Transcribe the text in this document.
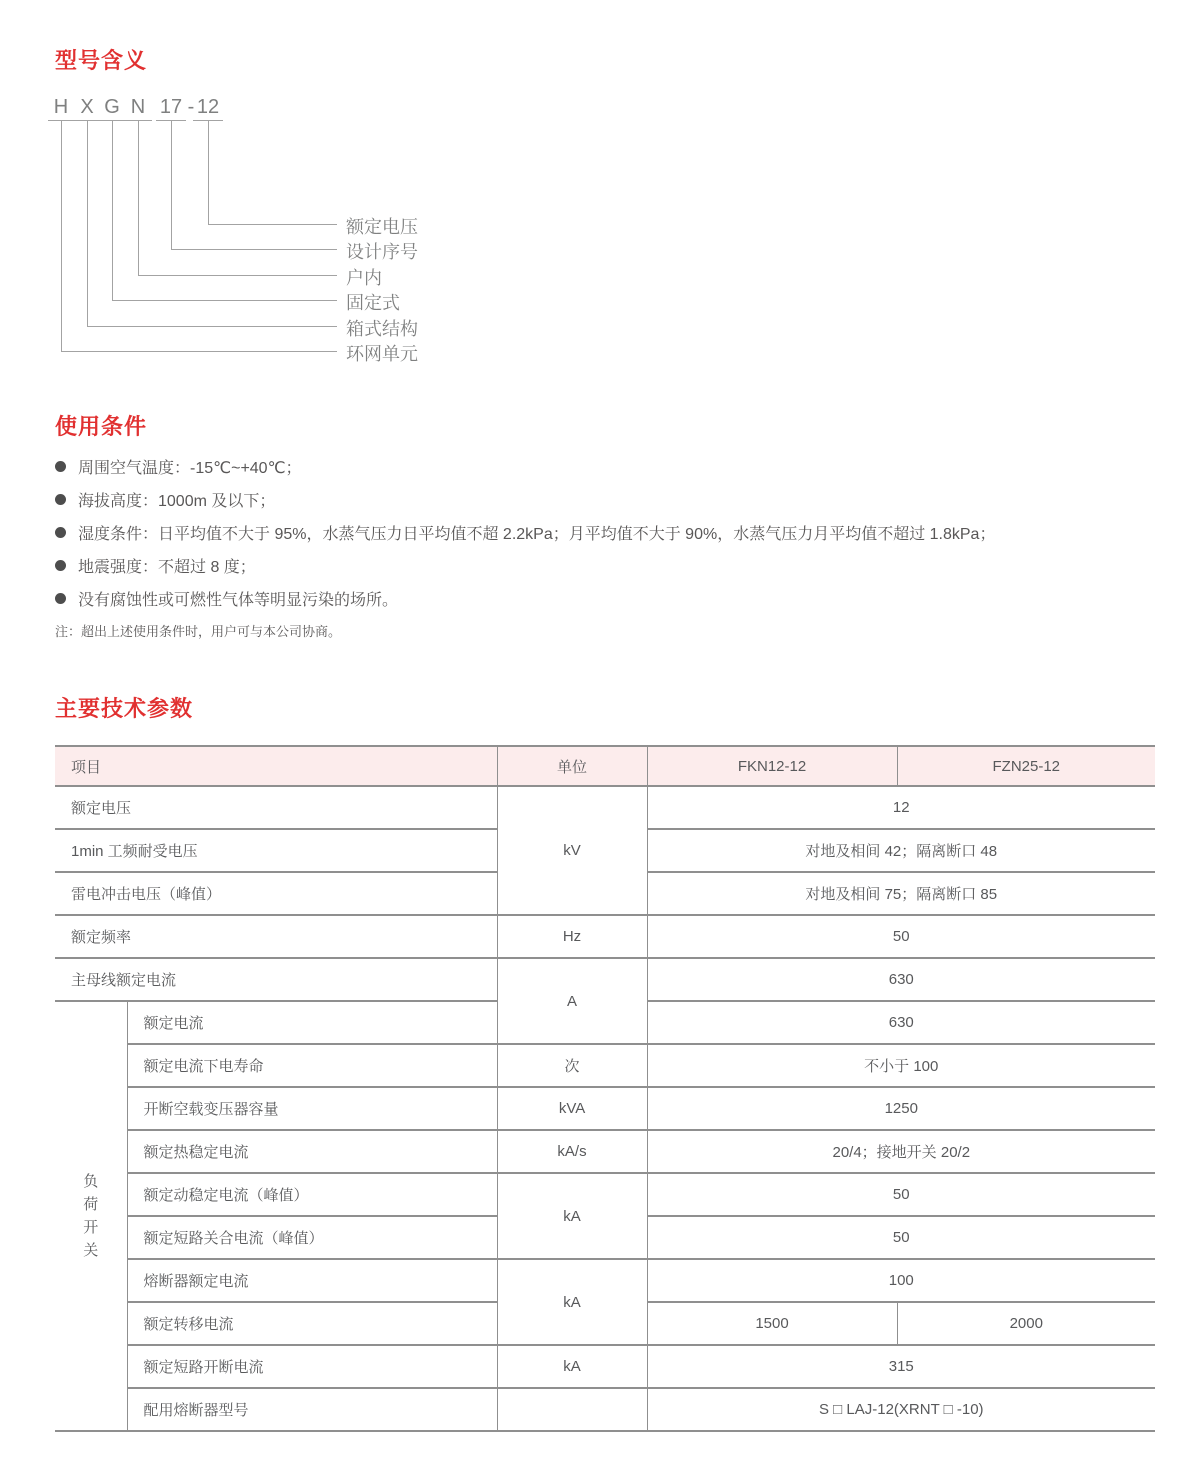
型号含义
H X G N 17 - 12
额定电压
设计序号
户内
固定式
箱式结构
环网单元
使用条件
周围空气温度：-15℃~+40℃；
海拔高度：1000m 及以下；
湿度条件：日平均值不大于 95%，水蒸气压力日平均值不超 2.2kPa；月平均值不大于 90%，水蒸气压力月平均值不超过 1.8kPa；
地震强度：不超过 8 度；
没有腐蚀性或可燃性气体等明显污染的场所。
注：超出上述使用条件时，用户可与本公司协商。
主要技术参数
项目		单位	FKN12-12	FZN25-12
额定电压		kV	12	
1min 工频耐受电压			对地及相间 42；隔离断口 48	
雷电冲击电压（峰值）			对地及相间 75；隔离断口 85	
额定频率		Hz	50	
主母线额定电流		A	630	

负荷开关	额定电流		630	
	额定电流下电寿命	次	不小于 100	
	开断空载变压器容量	kVA	1250	
	额定热稳定电流	kA/s	20/4；接地开关 20/2	
	额定动稳定电流（峰值）	kA	50	
	额定短路关合电流（峰值）		50	
	熔断器额定电流	kA	100	
	额定转移电流		1500	2000
	额定短路开断电流	kA	315	
	配用熔断器型号		S □ LAJ-12(XRNT □ -10)	
